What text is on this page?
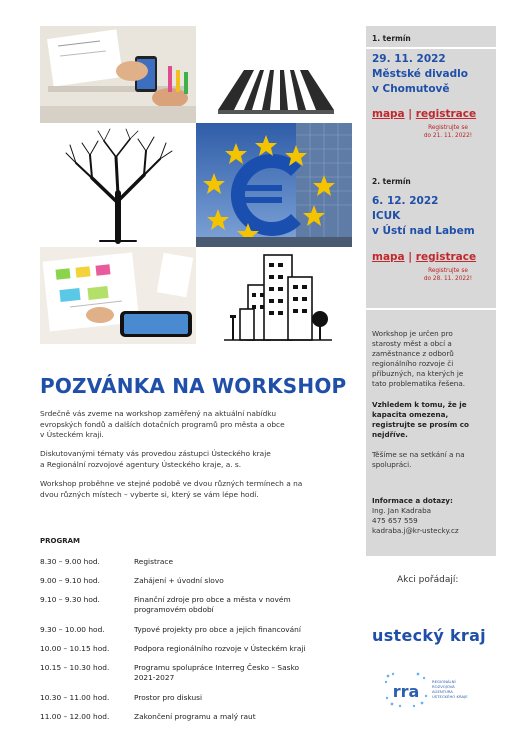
1. termín
29. 11. 2022
Městské divadlo
v Chomutově
mapa | registrace
Registrujte se
do 21. 11. 2022!
2. termín
6. 12. 2022
ICUK
v Ústí nad Labem
mapa | registrace
Registrujte se
do 28. 11. 2022!
Workshop je určen pro
starosty měst a obcí a
zaměstnance z odborů
regionálního rozvoje či
příbuzných, na kterých je
tato problematika řešena.
Vzhledem k tomu, že je
kapacita omezena,
registrujte se prosím co
nejdříve.
Těšíme se na setkání a na
spolupráci.
Informace a dotazy:
Ing. Jan Kadraba
475 657 559
kadraba.j@kr-ustecky.cz
POZVÁNKA NA WORKSHOP
Srdečně vás zveme na workshop zaměřený na aktuální nabídku
evropských fondů a dalších dotačních programů pro města a obce
v Ústeckém kraji.
Diskutovanými tématy vás provedou zástupci Ústeckého kraje
a Regionální rozvojové agentury Ústeckého kraje, a. s.
Workshop proběhne ve stejné podobě ve dvou různých termínech a na
dvou různých místech – vyberte si, který se vám lépe hodí.
PROGRAM
8.30 – 9.00 hod.	Registrace
9.00 – 9.10 hod.	Zahájení + úvodní slovo
9.10 – 9.30 hod.	Finanční zdroje pro obce a města v novém
programovém období
9.30 – 10.00 hod.	Typové projekty pro obce a jejich financování
10.00 – 10.15 hod.	Podpora regionálního rozvoje v Ústeckém kraji
10.15 – 10.30 hod.	Programu spolupráce Interreg Česko – Sasko
2021-2027
10.30 – 11.00 hod.	Prostor pro diskusi
11.00 – 12.00 hod.	Zakončení programu a malý raut
Akci pořádají:
ustecký kraj
rra
REGIONÁLNÍ
ROZVOJOVÁ
AGENTURA
ÚSTECKÉHO KRAJE
